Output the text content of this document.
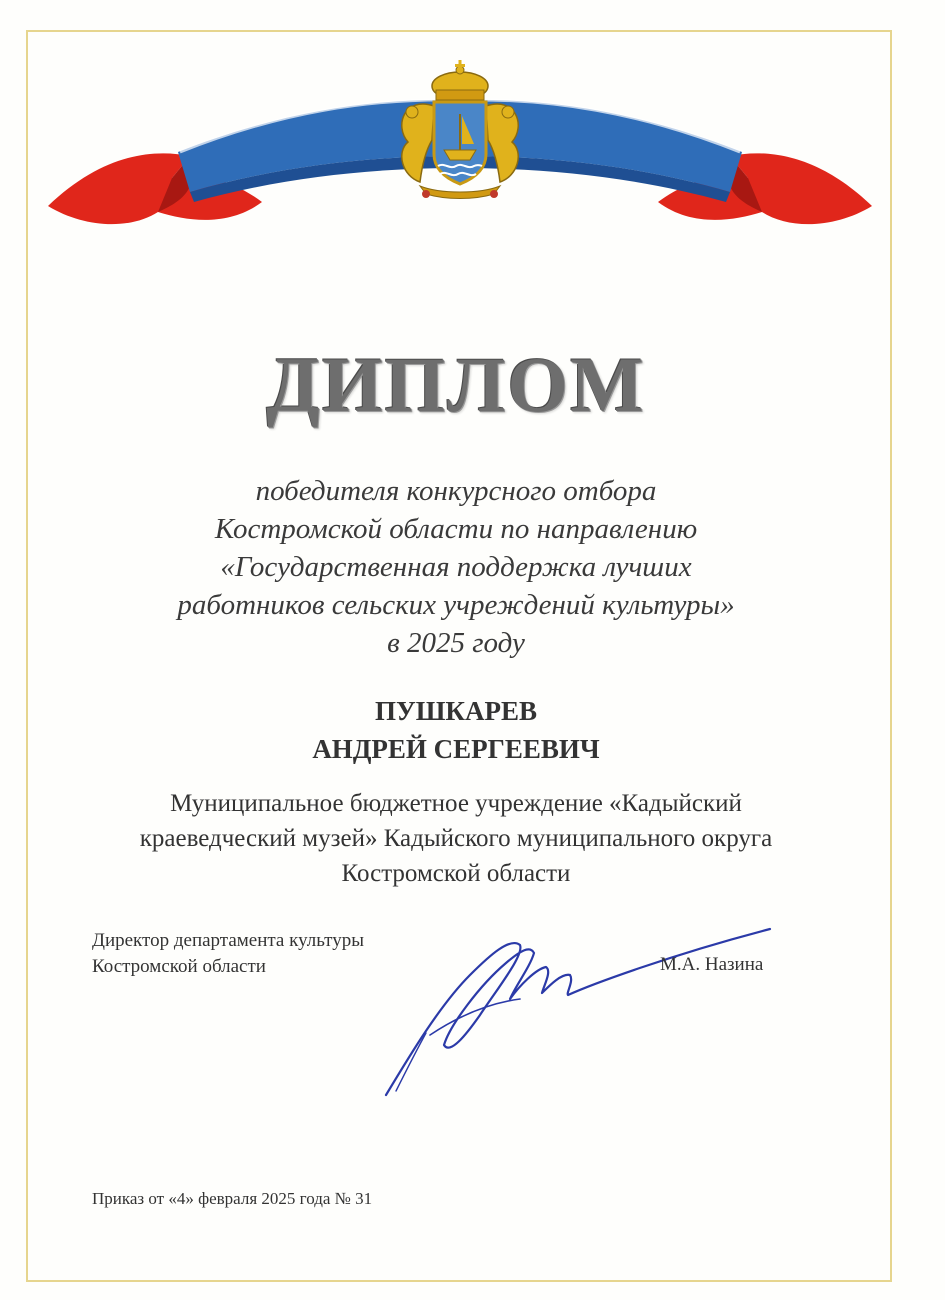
ДИПЛОМ
победителя конкурсного отбора
Костромской области по направлению
«Государственная поддержка лучших
работников сельских учреждений культуры»
в 2025 году
ПУШКАРЕВ
АНДРЕЙ СЕРГЕЕВИЧ
Муниципальное бюджетное учреждение «Кадыйский
краеведческий музей» Кадыйского муниципального округа
Костромской области
Директор департамента культуры
Костромской области	М.А. Назина
Приказ от «4» февраля 2025 года № 31
